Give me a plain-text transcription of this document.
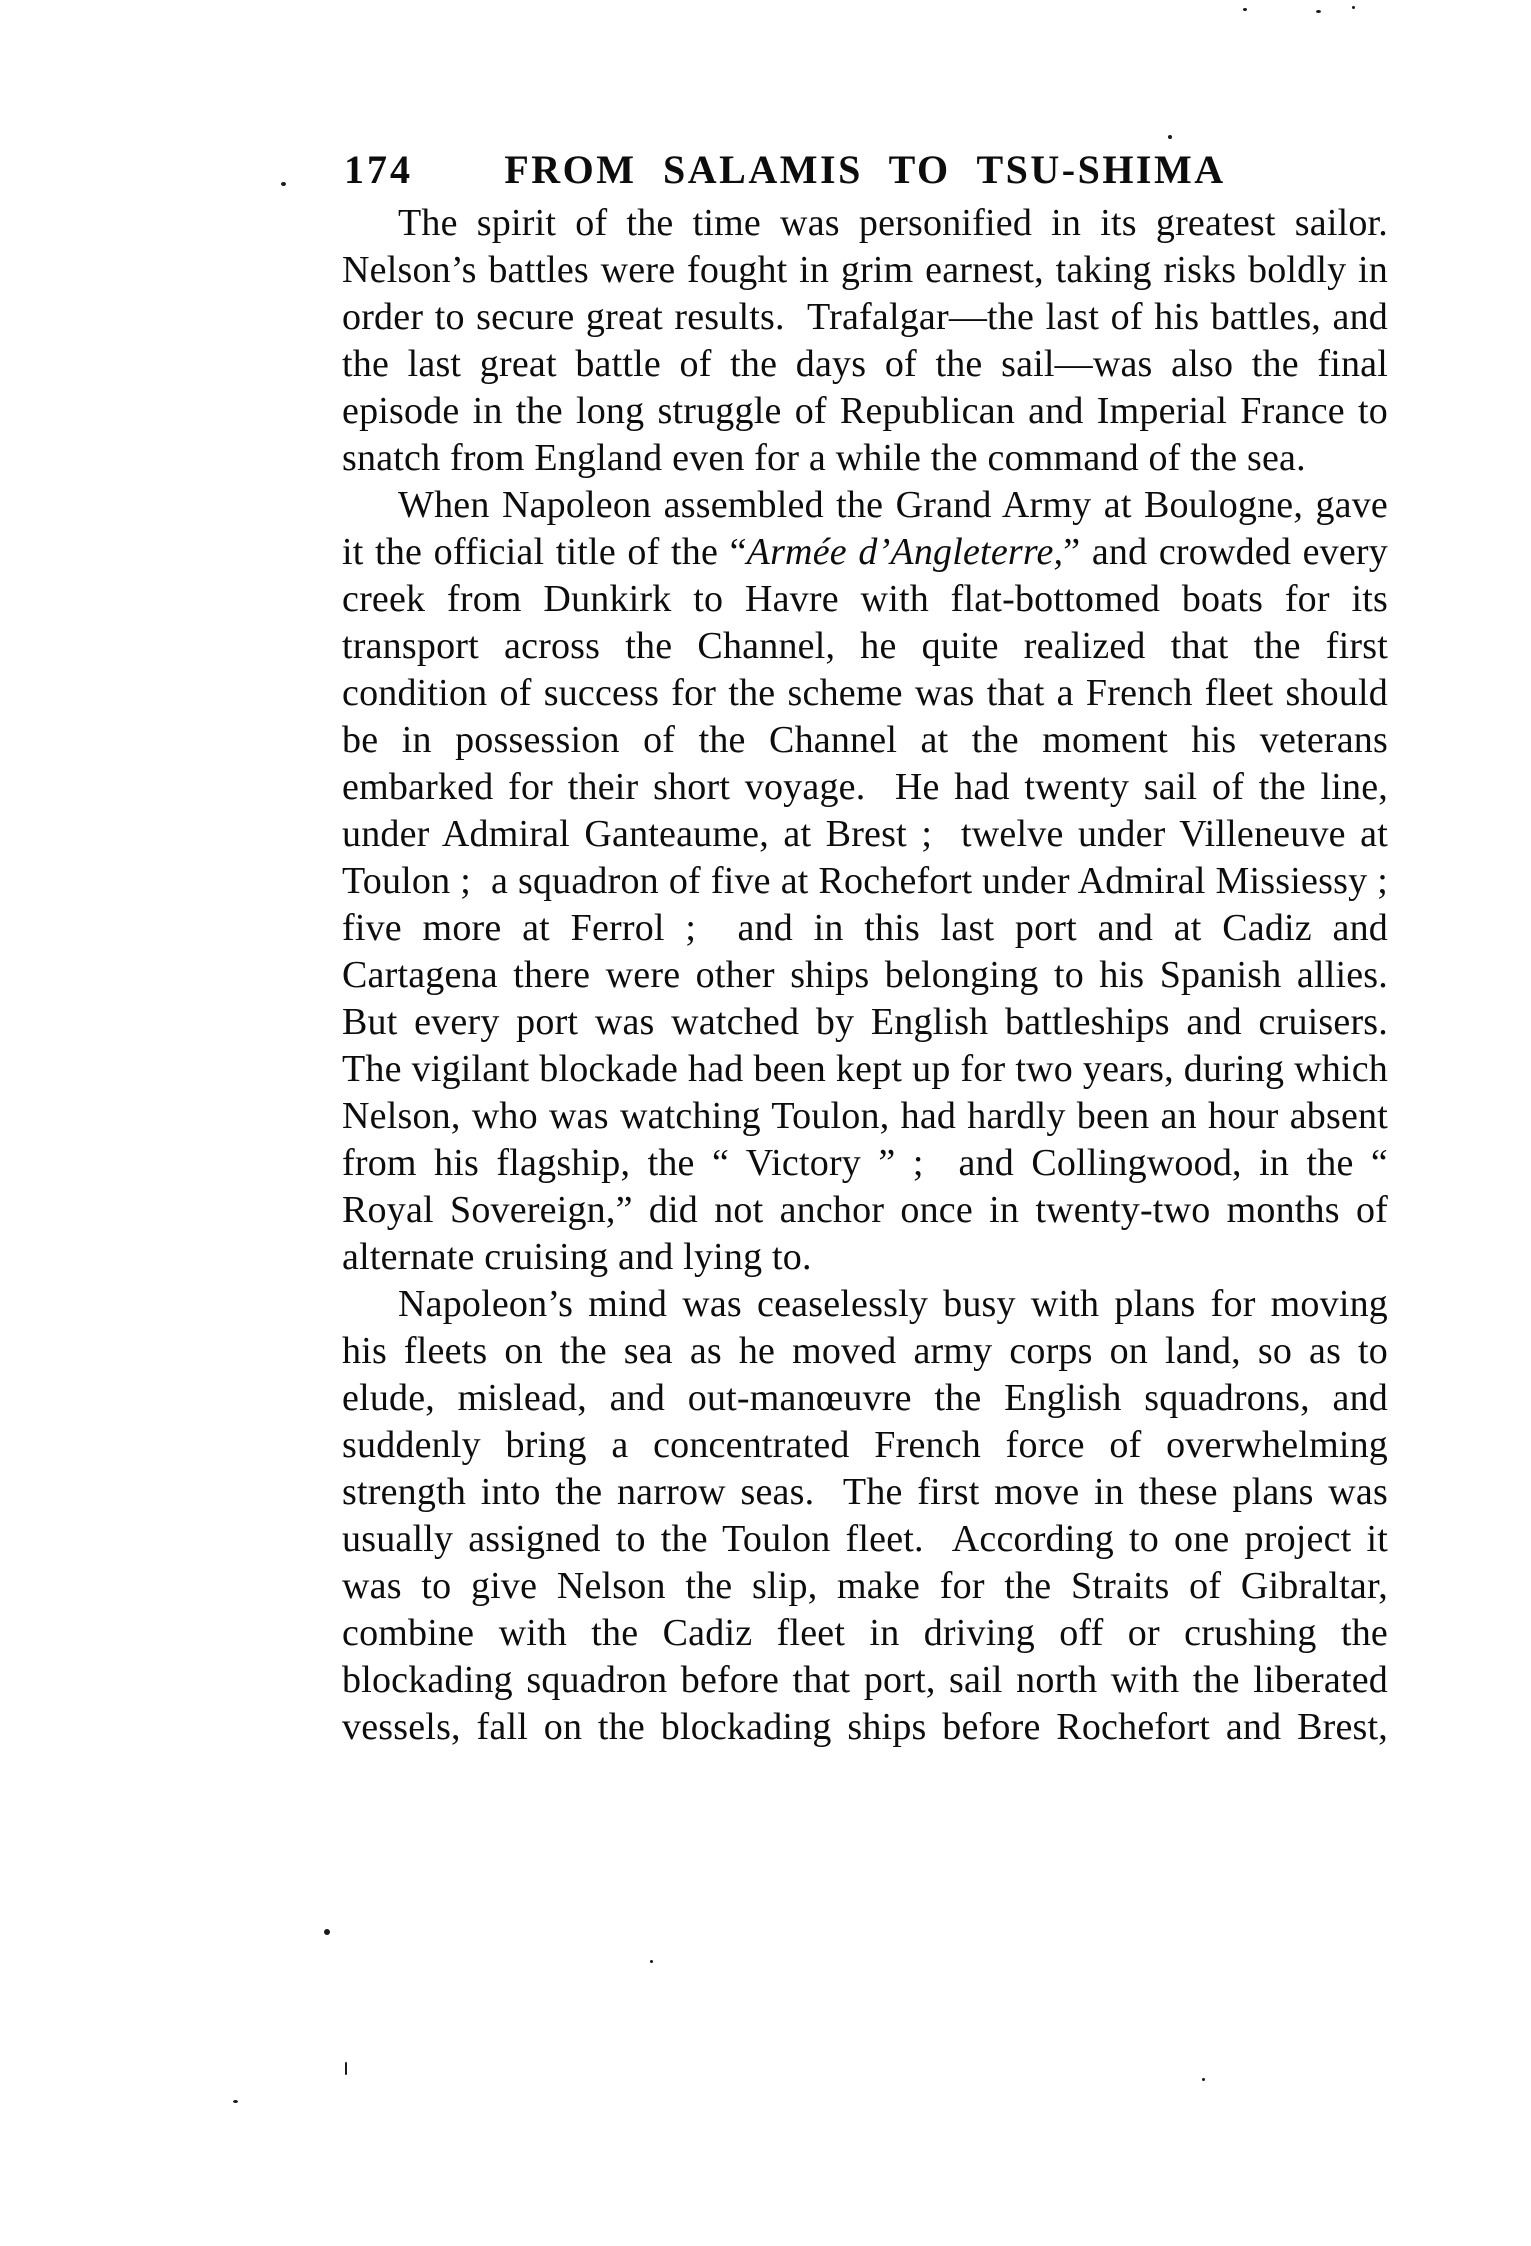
174	FROM SALAMIS TO TSU-SHIMA

The spirit of the time was personified in its greatest sailor.  Nelson’s battles were fought in grim earnest, taking risks boldly in order to secure great results.  Trafalgar—the last of his battles, and the last great battle of the days of the sail—was also the final episode in the long struggle of Republican and Imperial France to snatch from England even for a while the command of the sea.

When Napoleon assembled the Grand Army at Boulogne, gave it the official title of the “Armée d’Angleterre,” and crowded every creek from Dunkirk to Havre with flat-bottomed boats for its transport across the Channel, he quite realized that the first condition of success for the scheme was that a French fleet should be in possession of the Channel at the moment his veterans embarked for their short voyage.  He had twenty sail of the line, under Admiral Ganteaume, at Brest ;  twelve under Villeneuve at Toulon ;  a squadron of five at Rochefort under Admiral Missiessy ;  five more at Ferrol ;  and in this last port and at Cadiz and Cartagena there were other ships belonging to his Spanish allies.  But every port was watched by English battleships and cruisers.  The vigilant blockade had been kept up for two years, during which Nelson, who was watching Toulon, had hardly been an hour absent from his flagship, the “ Victory ” ;  and Collingwood, in the “ Royal Sovereign,” did not anchor once in twenty-two months of alternate cruising and lying to.

Napoleon’s mind was ceaselessly busy with plans for moving his fleets on the sea as he moved army corps on land, so as to elude, mislead, and out-manœuvre the English squadrons, and suddenly bring a concentrated French force of overwhelming strength into the narrow seas.  The first move in these plans was usually assigned to the Toulon fleet.  According to one project it was to give Nelson the slip, make for the Straits of Gibraltar, combine with the Cadiz fleet in driving off or crushing the blockading squadron before that port, sail north with the liberated vessels, fall on the blockading ships before Rochefort and Brest,
